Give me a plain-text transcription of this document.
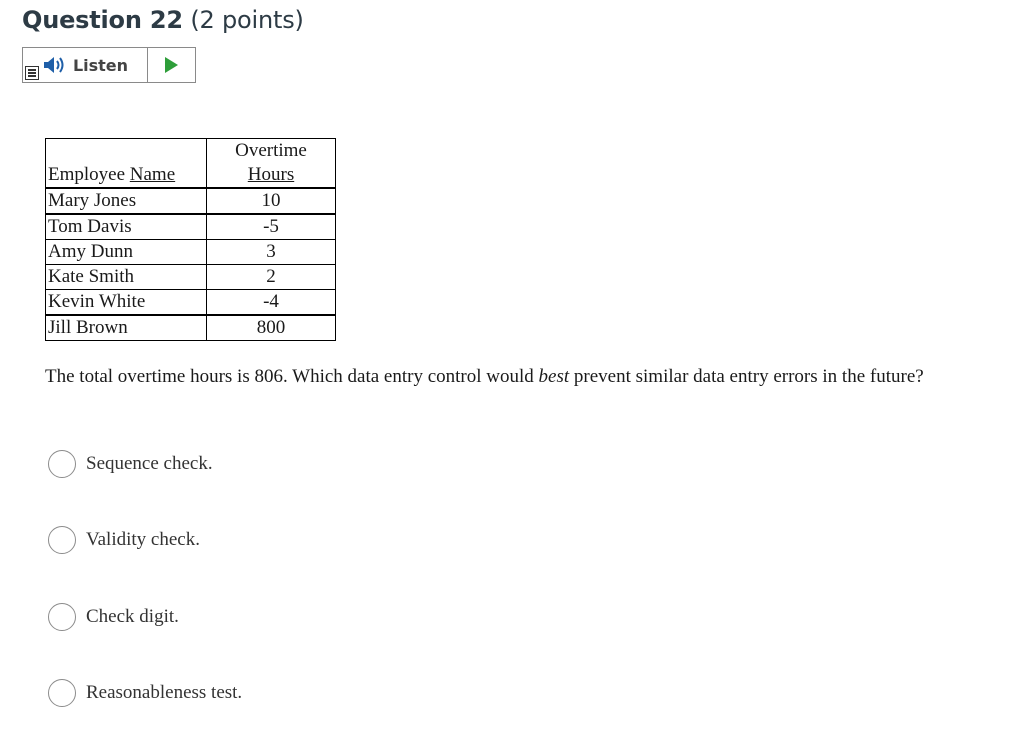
Question 22 (2 points)
Listen
Employee Name	Overtime
Hours
Mary Jones	10
Tom Davis	-5
Amy Dunn	3
Kate Smith	2
Kevin White	-4
Jill Brown	800
The total overtime hours is 806. Which data entry control would best prevent similar data entry errors in the future?
Sequence check.
Validity check.
Check digit.
Reasonableness test.
